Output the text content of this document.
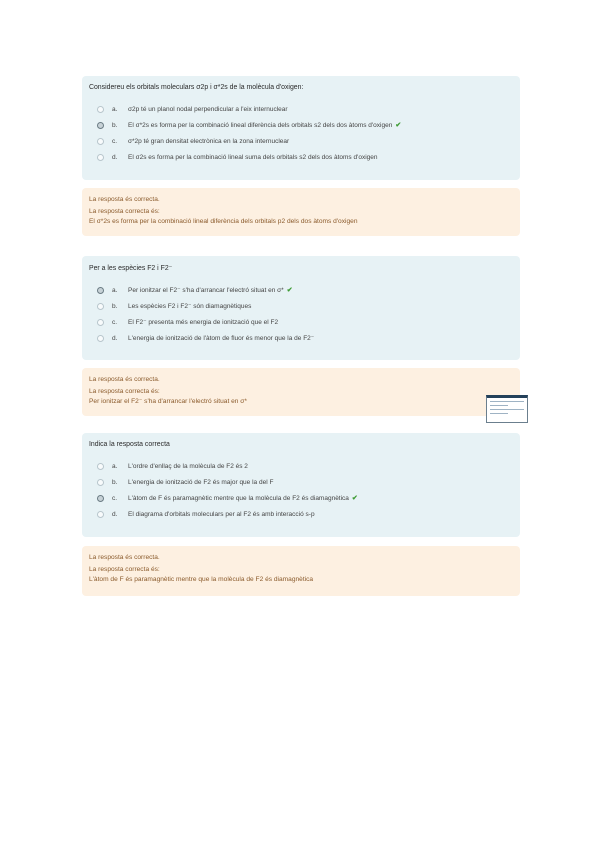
Considereu els orbitals moleculars σ2p i σ*2s de la molècula d'oxigen:
a.	σ2p té un planol nodal perpendicular a l'eix internuclear
b.	El σ*2s es forma per la combinació lineal diferència dels orbitals s2 dels dos àtoms d'oxigen ✔
c.	σ*2p té gran densitat electrònica en la zona internuclear
d.	El σ2s es forma per la combinació lineal suma dels orbitals s2 dels dos àtoms d'oxigen
La resposta és correcta.
La resposta correcta és:
El σ*2s es forma per la combinació lineal diferència dels orbitals p2 dels dos àtoms d'oxigen
Per a les espècies F2 i F2⁻
a.	Per ionitzar el F2⁻ s'ha d'arrancar l'electró situat en σ* ✔
b.	Les espècies F2 i F2⁻ són diamagnètiques
c.	El F2⁻ presenta més energia de ionització que el F2
d.	L'energia de ionització de l'àtom de fluor és menor que la de F2⁻
La resposta és correcta.
La resposta correcta és:
Per ionitzar el F2⁻ s'ha d'arrancar l'electró situat en σ*
Indica la resposta correcta
a.	L'ordre d'enllaç de la molècula de F2 és 2
b.	L'energia de ionització de F2 és major que la del F
c.	L'àtom de F és paramagnètic mentre que la molècula de F2 és diamagnètica ✔
d.	El diagrama d'orbitals moleculars per al F2 és amb interacció s-p
La resposta és correcta.
La resposta correcta és:
L'àtom de F és paramagnètic mentre que la molècula de F2 és diamagnètica
